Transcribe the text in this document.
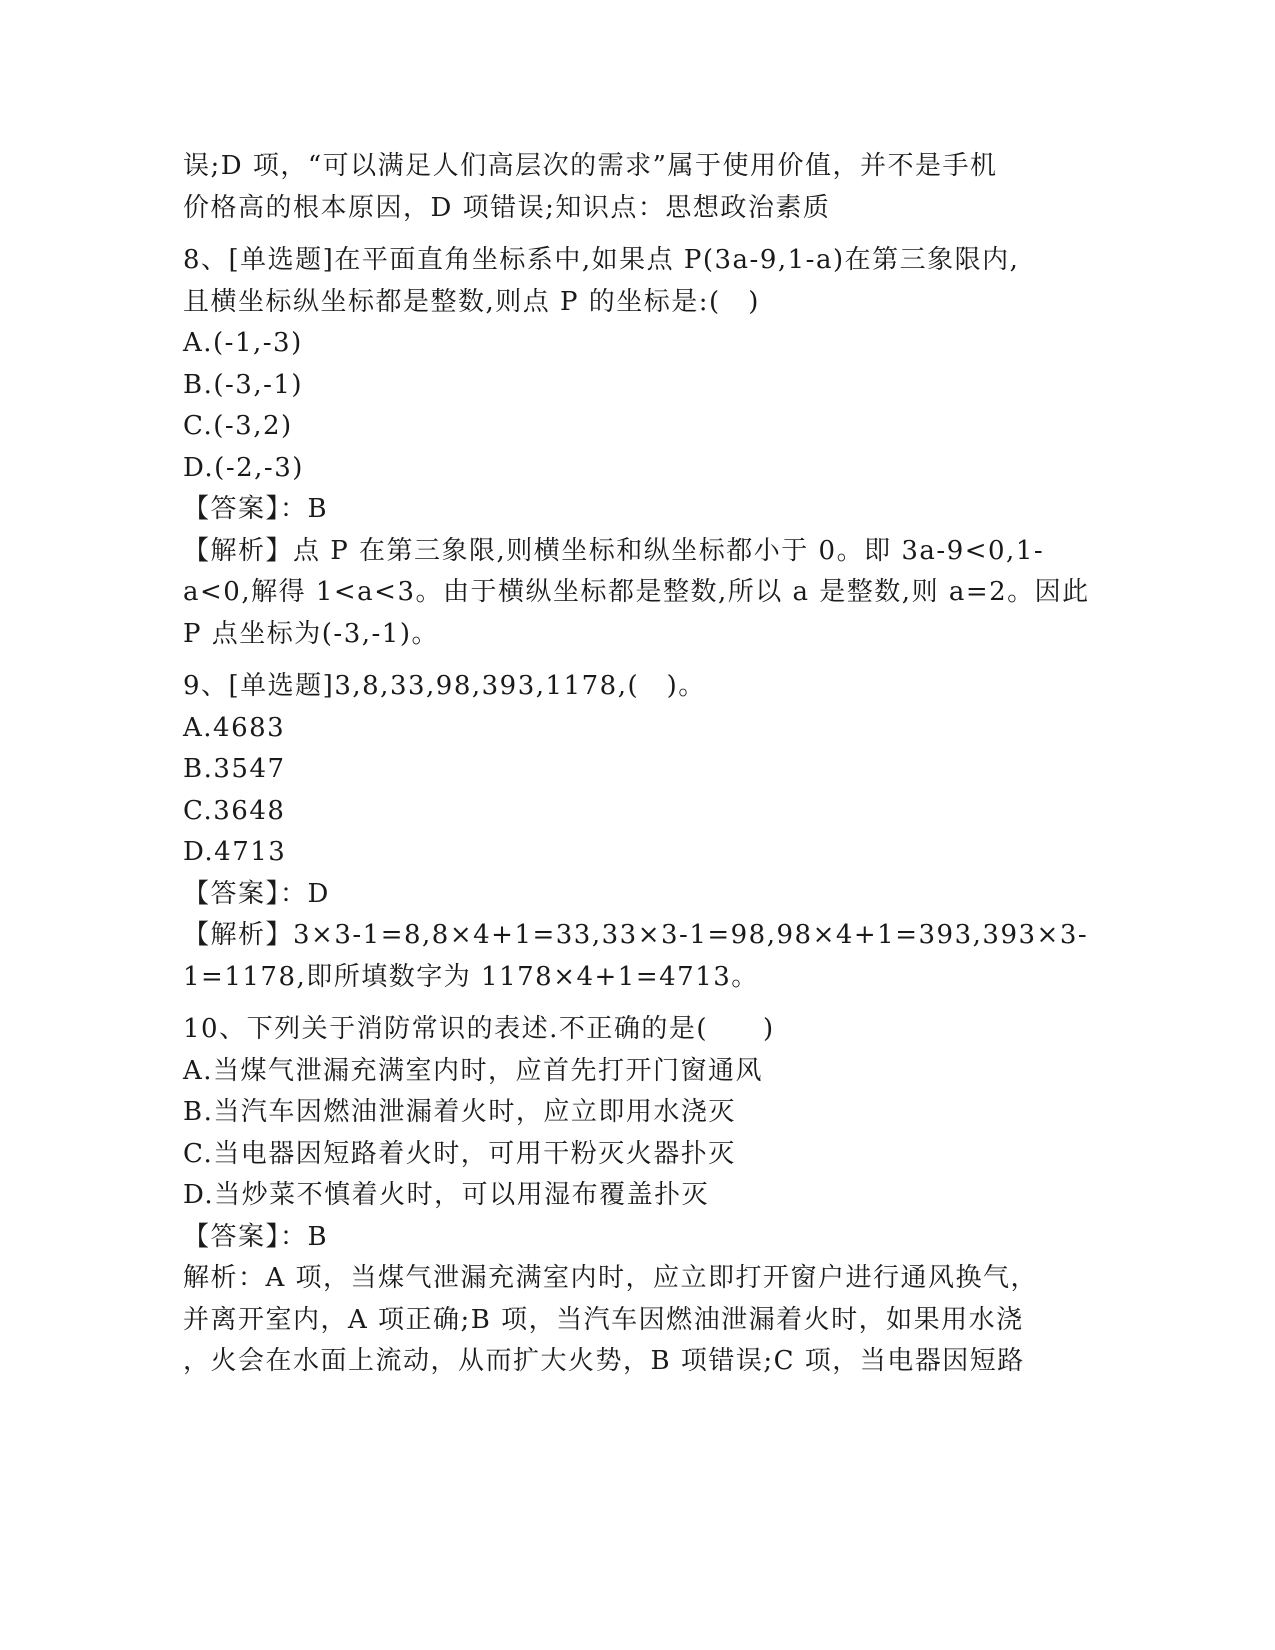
误;D 项，“可以满足人们高层次的需求”属于使用价值，并不是手机
价格高的根本原因，D 项错误;知识点：思想政治素质
8、[单选题]在平面直角坐标系中,如果点 P(3a-9,1-a)在第三象限内,
且横坐标纵坐标都是整数,则点 P 的坐标是:(　)
A.(-1,-3)
B.(-3,-1)
C.(-3,2)
D.(-2,-3)
【答案】：B
【解析】点 P 在第三象限,则横坐标和纵坐标都小于 0。即 3a-9<0,1-
a<0,解得 1<a<3。由于横纵坐标都是整数,所以 a 是整数,则 a=2。因此
P 点坐标为(-3,-1)。
9、[单选题]3,8,33,98,393,1178,(　)。
A.4683
B.3547
C.3648
D.4713
【答案】：D
【解析】3×3-1=8,8×4+1=33,33×3-1=98,98×4+1=393,393×3-
1=1178,即所填数字为 1178×4+1=4713。
10、下列关于消防常识的表述.不正确的是(　　)
A.当煤气泄漏充满室内时，应首先打开门窗通风
B.当汽车因燃油泄漏着火时，应立即用水浇灭
C.当电器因短路着火时，可用干粉灭火器扑灭
D.当炒菜不慎着火时，可以用湿布覆盖扑灭
【答案】：B
解析：A 项，当煤气泄漏充满室内时，应立即打开窗户进行通风换气，
并离开室内，A 项正确;B 项，当汽车因燃油泄漏着火时，如果用水浇
，火会在水面上流动，从而扩大火势，B 项错误;C 项，当电器因短路
